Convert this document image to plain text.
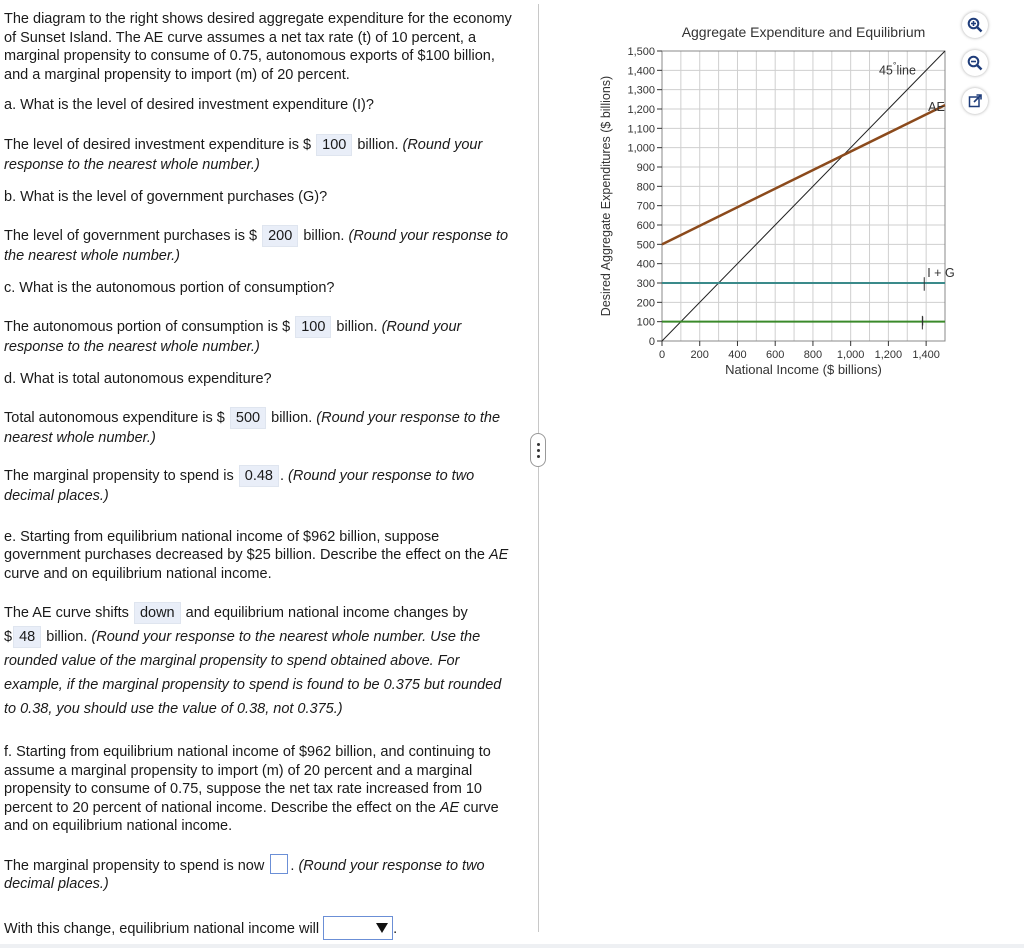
The diagram to the right shows desired aggregate expenditure for the economy of Sunset Island. The AE curve assumes a net tax rate (t) of 10 percent, a marginal propensity to consume of 0.75, autonomous exports of $100 billion, and a marginal propensity to import (m) of 20 percent.

a. What is the level of desired investment expenditure (I)?

The level of desired investment expenditure is $ 100 billion. (Round your response to the nearest whole number.)

b. What is the level of government purchases (G)?

The level of government purchases is $ 200 billion. (Round your response to the nearest whole number.)

c. What is the autonomous portion of consumption?

The autonomous portion of consumption is $ 100 billion. (Round your response to the nearest whole number.)

d. What is total autonomous expenditure?

Total autonomous expenditure is $ 500 billion. (Round your response to the nearest whole number.)

The marginal propensity to spend is 0.48 . (Round your response to two decimal places.)

e. Starting from equilibrium national income of $962 billion, suppose government purchases decreased by $25 billion. Describe the effect on the AE curve and on equilibrium national income.

The AE curve shifts down and equilibrium national income changes by
$ 48 billion. (Round your response to the nearest whole number. Use the rounded value of the marginal propensity to spend obtained above. For example, if the marginal propensity to spend is found to be 0.375 but rounded to 0.38, you should use the value of 0.38, not 0.375.)

f. Starting from equilibrium national income of $962 billion, and continuing to assume a marginal propensity to import (m) of 20 percent and a marginal propensity to consume of 0.75, suppose the net tax rate increased from 10 percent to 20 percent of national income. Describe the effect on the AE curve and on equilibrium national income.

The marginal propensity to spend is now . (Round your response to two decimal places.)

With this change, equilibrium national income will	.

Aggregate Expenditure and Equilibrium
0
100
200
300
400
500
600
700
800
900
1,000
1,100
1,200
1,300
1,400
1,500
0 200 400 600 800 1,000 1,200 1,400
45°line
AE
I + G
I
National Income ($ billions)
Desired Aggregate Expenditures ($ billions)
